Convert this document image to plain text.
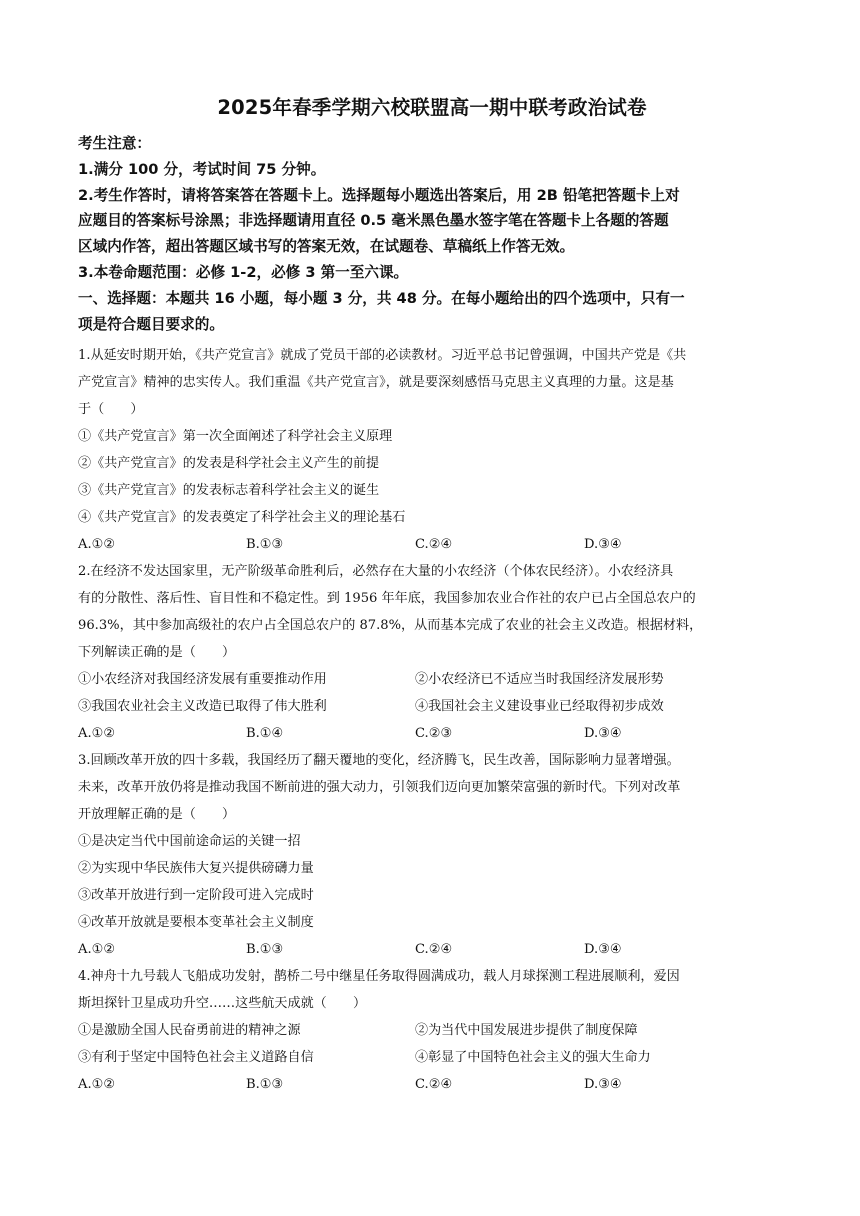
2025年春季学期六校联盟高一期中联考政治试卷
考生注意：
1.满分 100 分，考试时间 75 分钟。
2.考生作答时，请将答案答在答题卡上。选择题每小题选出答案后，用 2B 铅笔把答题卡上对
应题目的答案标号涂黑；非选择题请用直径 0.5 毫米黑色墨水签字笔在答题卡上各题的答题
区域内作答，超出答题区域书写的答案无效，在试题卷、草稿纸上作答无效。
3.本卷命题范围：必修 1-2，必修 3 第一至六课。
一、选择题：本题共 16 小题，每小题 3 分，共 48 分。在每小题给出的四个选项中，只有一
项是符合题目要求的。
1.从延安时期开始，《共产党宣言》就成了党员干部的必读教材。习近平总书记曾强调，中国共产党是《共
产党宣言》精神的忠实传人。我们重温《共产党宣言》，就是要深刻感悟马克思主义真理的力量。这是基
于（　　）
①《共产党宣言》第一次全面阐述了科学社会主义原理
②《共产党宣言》的发表是科学社会主义产生的前提
③《共产党宣言》的发表标志着科学社会主义的诞生
④《共产党宣言》的发表奠定了科学社会主义的理论基石
A.①②	B.①③	C.②④	D.③④
2.在经济不发达国家里，无产阶级革命胜利后，必然存在大量的小农经济（个体农民经济）。小农经济具
有的分散性、落后性、盲目性和不稳定性。到 1956 年年底，我国参加农业合作社的农户已占全国总农户的
96.3%，其中参加高级社的农户占全国总农户的 87.8%，从而基本完成了农业的社会主义改造。根据材料，
下列解读正确的是（　　）
①小农经济对我国经济发展有重要推动作用	②小农经济已不适应当时我国经济发展形势
③我国农业社会主义改造已取得了伟大胜利	④我国社会主义建设事业已经取得初步成效
A.①②	B.①④	C.②③	D.③④
3.回顾改革开放的四十多载，我国经历了翻天覆地的变化，经济腾飞，民生改善，国际影响力显著增强。
未来，改革开放仍将是推动我国不断前进的强大动力，引领我们迈向更加繁荣富强的新时代。下列对改革
开放理解正确的是（　　）
①是决定当代中国前途命运的关键一招
②为实现中华民族伟大复兴提供磅礴力量
③改革开放进行到一定阶段可进入完成时
④改革开放就是要根本变革社会主义制度
A.①②	B.①③	C.②④	D.③④
4.神舟十九号载人飞船成功发射，鹊桥二号中继星任务取得圆满成功，载人月球探测工程进展顺利，爱因
斯坦探针卫星成功升空……这些航天成就（　　）
①是激励全国人民奋勇前进的精神之源	②为当代中国发展进步提供了制度保障
③有利于坚定中国特色社会主义道路自信	④彰显了中国特色社会主义的强大生命力
A.①②	B.①③	C.②④	D.③④
